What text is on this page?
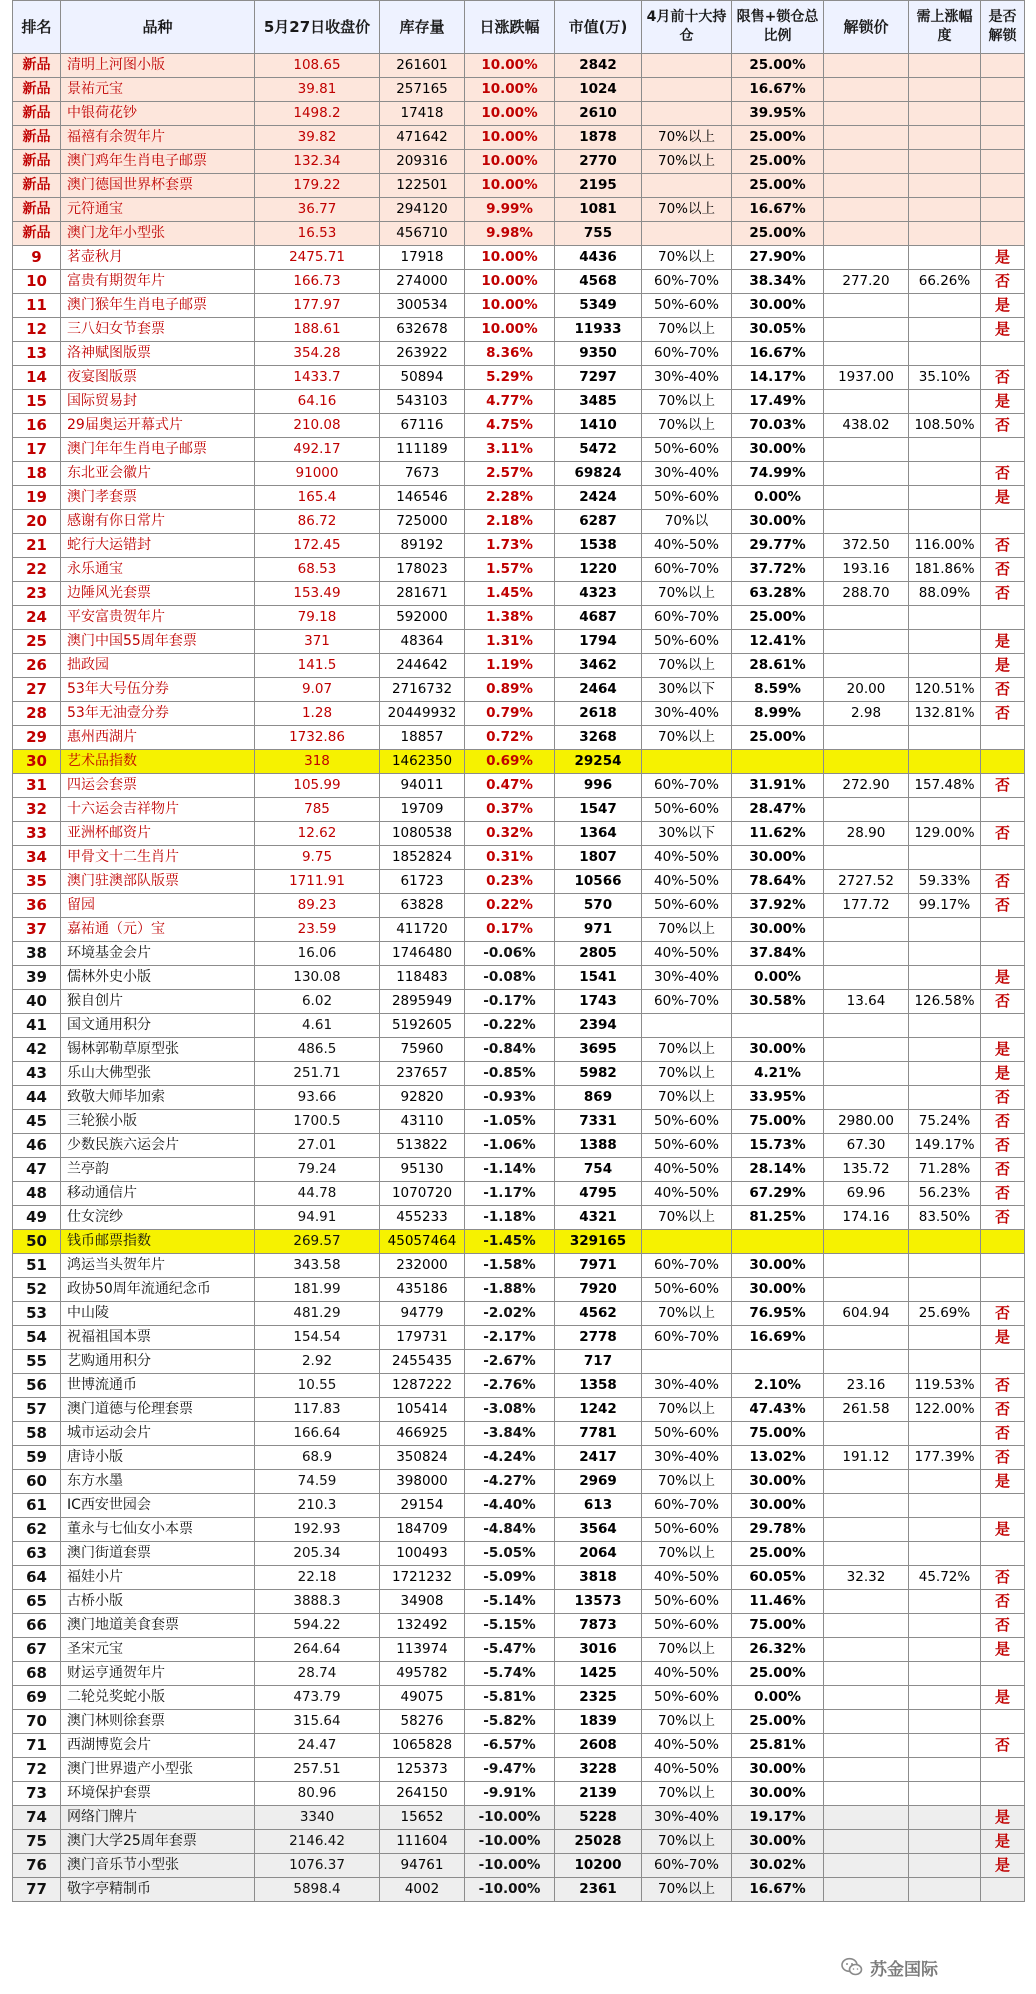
排名	品种	5月27日收盘价	库存量	日涨跌幅	市值(万)	4月前十大持仓	限售+锁仓总比例	解锁价	需上涨幅度	是否解锁
新品	清明上河图小版	108.65	261601	10.00%	2842		25.00%			
新品	景祐元宝	39.81	257165	10.00%	1024		16.67%			
新品	中银荷花钞	1498.2	17418	10.00%	2610		39.95%			
新品	福禧有余贺年片	39.82	471642	10.00%	1878	70%以上	25.00%			
新品	澳门鸡年生肖电子邮票	132.34	209316	10.00%	2770	70%以上	25.00%			
新品	澳门德国世界杯套票	179.22	122501	10.00%	2195		25.00%			
新品	元符通宝	36.77	294120	9.99%	1081	70%以上	16.67%			
新品	澳门龙年小型张	16.53	456710	9.98%	755		25.00%			
9	茗壶秋月	2475.71	17918	10.00%	4436	70%以上	27.90%			是
10	富贵有期贺年片	166.73	274000	10.00%	4568	60%-70%	38.34%	277.20	66.26%	否
11	澳门猴年生肖电子邮票	177.97	300534	10.00%	5349	50%-60%	30.00%			是
12	三八妇女节套票	188.61	632678	10.00%	11933	70%以上	30.05%			是
13	洛神赋图版票	354.28	263922	8.36%	9350	60%-70%	16.67%			
14	夜宴图版票	1433.7	50894	5.29%	7297	30%-40%	14.17%	1937.00	35.10%	否
15	国际贸易封	64.16	543103	4.77%	3485	70%以上	17.49%			是
16	29届奥运开幕式片	210.08	67116	4.75%	1410	70%以上	70.03%	438.02	108.50%	否
17	澳门年年生肖电子邮票	492.17	111189	3.11%	5472	50%-60%	30.00%			
18	东北亚会徽片	91000	7673	2.57%	69824	30%-40%	74.99%			否
19	澳门孝套票	165.4	146546	2.28%	2424	50%-60%	0.00%			是
20	感谢有你日常片	86.72	725000	2.18%	6287	70%以	30.00%			
21	蛇行大运错封	172.45	89192	1.73%	1538	40%-50%	29.77%	372.50	116.00%	否
22	永乐通宝	68.53	178023	1.57%	1220	60%-70%	37.72%	193.16	181.86%	否
23	边陲风光套票	153.49	281671	1.45%	4323	70%以上	63.28%	288.70	88.09%	否
24	平安富贵贺年片	79.18	592000	1.38%	4687	60%-70%	25.00%			
25	澳门中国55周年套票	371	48364	1.31%	1794	50%-60%	12.41%			是
26	拙政园	141.5	244642	1.19%	3462	70%以上	28.61%			是
27	53年大号伍分券	9.07	2716732	0.89%	2464	30%以下	8.59%	20.00	120.51%	否
28	53年无油壹分券	1.28	20449932	0.79%	2618	30%-40%	8.99%	2.98	132.81%	否
29	惠州西湖片	1732.86	18857	0.72%	3268	70%以上	25.00%			
30	艺术品指数	318	1462350	0.69%	29254					
31	四运会套票	105.99	94011	0.47%	996	60%-70%	31.91%	272.90	157.48%	否
32	十六运会吉祥物片	785	19709	0.37%	1547	50%-60%	28.47%			
33	亚洲杯邮资片	12.62	1080538	0.32%	1364	30%以下	11.62%	28.90	129.00%	否
34	甲骨文十二生肖片	9.75	1852824	0.31%	1807	40%-50%	30.00%			
35	澳门驻澳部队版票	1711.91	61723	0.23%	10566	40%-50%	78.64%	2727.52	59.33%	否
36	留园	89.23	63828	0.22%	570	50%-60%	37.92%	177.72	99.17%	否
37	嘉祐通（元）宝	23.59	411720	0.17%	971	70%以上	30.00%			
38	环境基金会片	16.06	1746480	-0.06%	2805	40%-50%	37.84%			
39	儒林外史小版	130.08	118483	-0.08%	1541	30%-40%	0.00%			是
40	猴自创片	6.02	2895949	-0.17%	1743	60%-70%	30.58%	13.64	126.58%	否
41	国文通用积分	4.61	5192605	-0.22%	2394					
42	锡林郭勒草原型张	486.5	75960	-0.84%	3695	70%以上	30.00%			是
43	乐山大佛型张	251.71	237657	-0.85%	5982	70%以上	4.21%			是
44	致敬大师毕加索	93.66	92820	-0.93%	869	70%以上	33.95%			否
45	三轮猴小版	1700.5	43110	-1.05%	7331	50%-60%	75.00%	2980.00	75.24%	否
46	少数民族六运会片	27.01	513822	-1.06%	1388	50%-60%	15.73%	67.30	149.17%	否
47	兰亭韵	79.24	95130	-1.14%	754	40%-50%	28.14%	135.72	71.28%	否
48	移动通信片	44.78	1070720	-1.17%	4795	40%-50%	67.29%	69.96	56.23%	否
49	仕女浣纱	94.91	455233	-1.18%	4321	70%以上	81.25%	174.16	83.50%	否
50	钱币邮票指数	269.57	45057464	-1.45%	329165					
51	鸿运当头贺年片	343.58	232000	-1.58%	7971	60%-70%	30.00%			
52	政协50周年流通纪念币	181.99	435186	-1.88%	7920	50%-60%	30.00%			
53	中山陵	481.29	94779	-2.02%	4562	70%以上	76.95%	604.94	25.69%	否
54	祝福祖国本票	154.54	179731	-2.17%	2778	60%-70%	16.69%			是
55	艺购通用积分	2.92	2455435	-2.67%	717					
56	世博流通币	10.55	1287222	-2.76%	1358	30%-40%	2.10%	23.16	119.53%	否
57	澳门道德与伦理套票	117.83	105414	-3.08%	1242	70%以上	47.43%	261.58	122.00%	否
58	城市运动会片	166.64	466925	-3.84%	7781	50%-60%	75.00%			否
59	唐诗小版	68.9	350824	-4.24%	2417	30%-40%	13.02%	191.12	177.39%	否
60	东方水墨	74.59	398000	-4.27%	2969	70%以上	30.00%			是
61	IC西安世园会	210.3	29154	-4.40%	613	60%-70%	30.00%			
62	董永与七仙女小本票	192.93	184709	-4.84%	3564	50%-60%	29.78%			是
63	澳门街道套票	205.34	100493	-5.05%	2064	70%以上	25.00%			
64	福娃小片	22.18	1721232	-5.09%	3818	40%-50%	60.05%	32.32	45.72%	否
65	古桥小版	3888.3	34908	-5.14%	13573	50%-60%	11.46%			否
66	澳门地道美食套票	594.22	132492	-5.15%	7873	50%-60%	75.00%			否
67	圣宋元宝	264.64	113974	-5.47%	3016	70%以上	26.32%			是
68	财运亨通贺年片	28.74	495782	-5.74%	1425	40%-50%	25.00%			
69	二轮兑奖蛇小版	473.79	49075	-5.81%	2325	50%-60%	0.00%			是
70	澳门林则徐套票	315.64	58276	-5.82%	1839	70%以上	25.00%			
71	西湖博览会片	24.47	1065828	-6.57%	2608	40%-50%	25.81%			否
72	澳门世界遗产小型张	257.51	125373	-9.47%	3228	40%-50%	30.00%			
73	环境保护套票	80.96	264150	-9.91%	2139	70%以上	30.00%			
74	网络门牌片	3340	15652	-10.00%	5228	30%-40%	19.17%			是
75	澳门大学25周年套票	2146.42	111604	-10.00%	25028	70%以上	30.00%			是
76	澳门音乐节小型张	1076.37	94761	-10.00%	10200	60%-70%	30.02%			是
77	敬字亭精制币	5898.4	4002	-10.00%	2361	70%以上	16.67%			
苏金国际
